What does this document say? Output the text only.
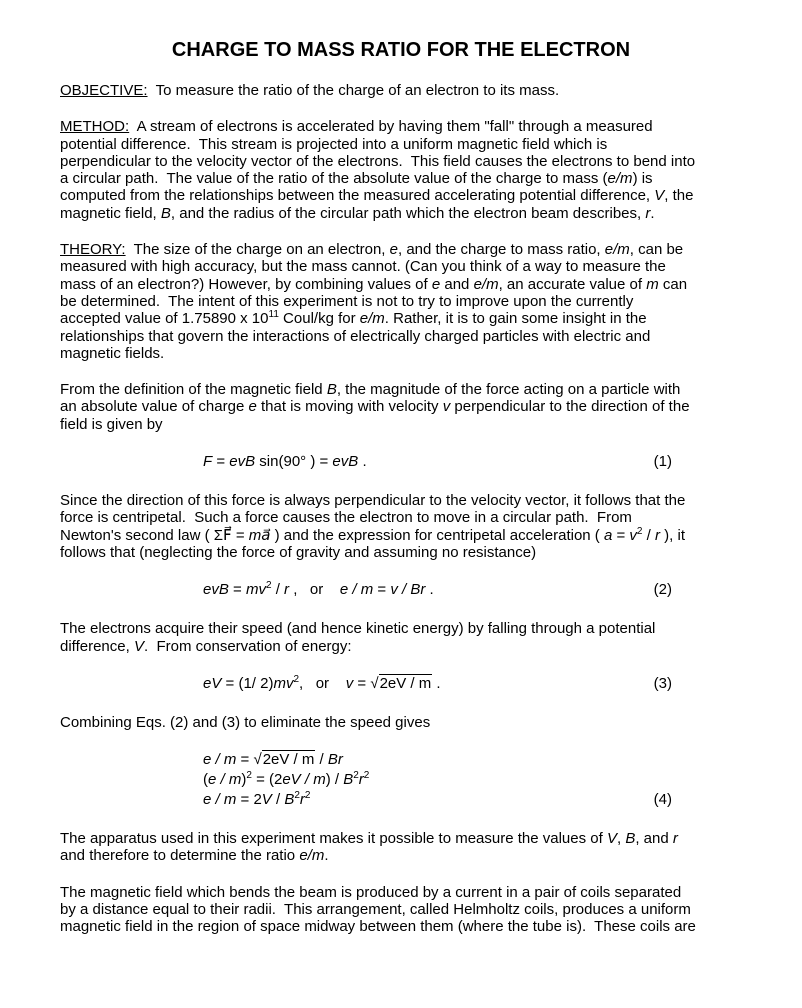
CHARGE TO MASS RATIO FOR THE ELECTRON
OBJECTIVE:  To measure the ratio of the charge of an electron to its mass.
METHOD:  A stream of electrons is accelerated by having them "fall" through a measured
potential difference.  This stream is projected into a uniform magnetic field which is
perpendicular to the velocity vector of the electrons.  This field causes the electrons to bend into
a circular path.  The value of the ratio of the absolute value of the charge to mass (e/m) is
computed from the relationships between the measured accelerating potential difference, V, the
magnetic field, B, and the radius of the circular path which the electron beam describes, r.
THEORY:  The size of the charge on an electron, e, and the charge to mass ratio, e/m, can be
measured with high accuracy, but the mass cannot. (Can you think of a way to measure the
mass of an electron?) However, by combining values of e and e/m, an accurate value of m can
be determined.  The intent of this experiment is not to try to improve upon the currently
accepted value of 1.75890 x $10^{11}$ Coul/kg for e/m. Rather, it is to gain some insight in the
relationships that govern the interactions of electrically charged particles with electric and
magnetic fields.
From the definition of the magnetic field B, the magnitude of the force acting on a particle with
an absolute value of charge e that is moving with velocity v perpendicular to the direction of the
field is given by
F = evB sin(90° ) = evB .	(1)
Since the direction of this force is always perpendicular to the velocity vector, it follows that the
force is centripetal.  Such a force causes the electron to move in a circular path.  From
Newton's second law ( ΣF⃗ = ma⃗ ) and the expression for centripetal acceleration ( $a = v^2 / r$ ), it
follows that (neglecting the force of gravity and assuming no resistance)
evB = $mv^2$ / r ,   or    e / m = v / Br .	(2)
The electrons acquire their speed (and hence kinetic energy) by falling through a potential
difference, V.  From conservation of energy:
eV = (1/ $2)mv^2$,   or    v = √2eV / m .	(3)
Combining Eqs. (2) and (3) to eliminate the speed gives
e / m = √2eV / m / Br
$(e / m)^2 = (2eV / m) / B^2r^2$
$e / m = 2V / B^2r^2$	(4)
The apparatus used in this experiment makes it possible to measure the values of V, B, and r
and therefore to determine the ratio e/m.
The magnetic field which bends the beam is produced by a current in a pair of coils separated
by a distance equal to their radii.  This arrangement, called Helmholtz coils, produces a uniform
magnetic field in the region of space midway between them (where the tube is).  These coils are
